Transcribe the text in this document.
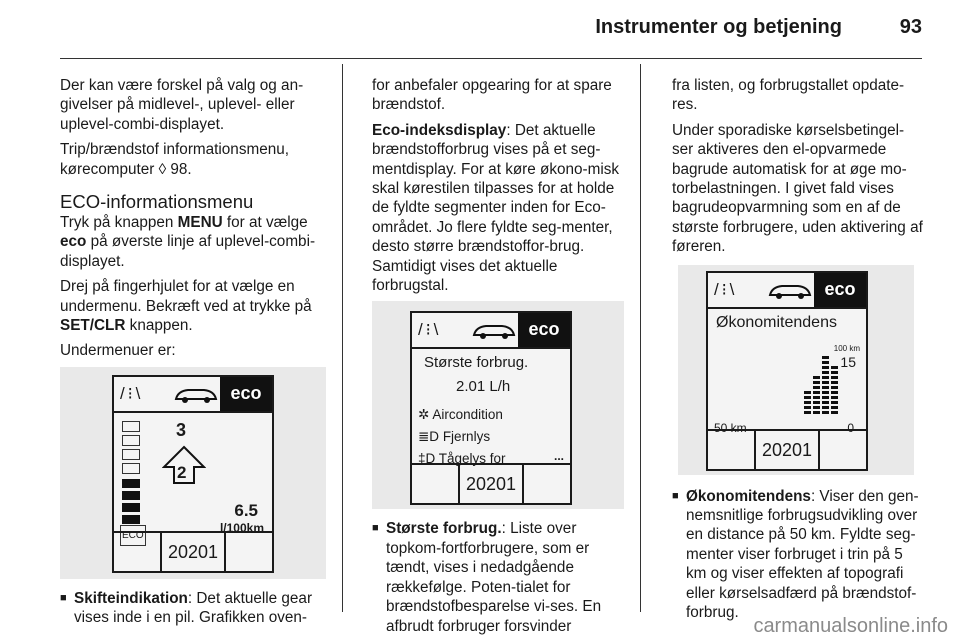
Instrumenter og betjening	93

Der kan være forskel på valg og an-givelser på midlevel-, uplevel- eller uplevel-combi-displayet.

Trip/brændstof informationsmenu, kørecomputer ◊ 98.

ECO-informationsmenu

Tryk på knappen MENU for at vælge eco på øverste linje af uplevel-combi-displayet.

Drej på fingerhjulet for at vælge en undermenu. Bekræft ved at trykke på SET/CLR knappen.

Undermenuer er:

/ ⁝ \	eco
ECO
3
2
6.5
l/100km
20201
■ Skifteindikation: Det aktuelle gear vises inde i en pil. Grafikken oven-

for anbefaler opgearing for at spare brændstof.

Eco-indeksdisplay: Det aktuelle brændstofforbrug vises på et seg-mentdisplay. For at køre økono-misk skal kørestilen tilpasses for at holde de fyldte segmenter inden for Eco-området. Jo flere fyldte seg-menter, desto større brændstoffor-brug. Samtidigt vises det aktuelle forbrugstal.

/ ⁝ \	eco
Største forbrug.
2.01 L/h
✲ Aircondition
≣D Fjernlys
‡D Tågelys for	...
20201
■ Største forbrug.: Liste over topkom-fortforbrugere, som er tændt, vises i nedadgående rækkefølge. Poten-tialet for brændstofbesparelse vi-ses. En afbrudt forbruger forsvinder

fra listen, og forbrugstallet opdate-res.

Under sporadiske kørselsbetingel-ser aktiveres den el-opvarmede bagrude automatisk for at øge mo-torbelastningen. I givet fald vises bagrudeopvarmning som en af de største forbrugere, uden aktivering af føreren.

/ ⁝ \	eco
Økonomitendens
100 km
15
50 km	0
20201
■ Økonomitendens: Viser den gen-nemsnitlige forbrugsudvikling over en distance på 50 km. Fyldte seg-menter viser forbruget i trin på 5 km og viser effekten af topografi eller kørselsadfærd på brændstof-forbrug.
carmanualsonline.info
